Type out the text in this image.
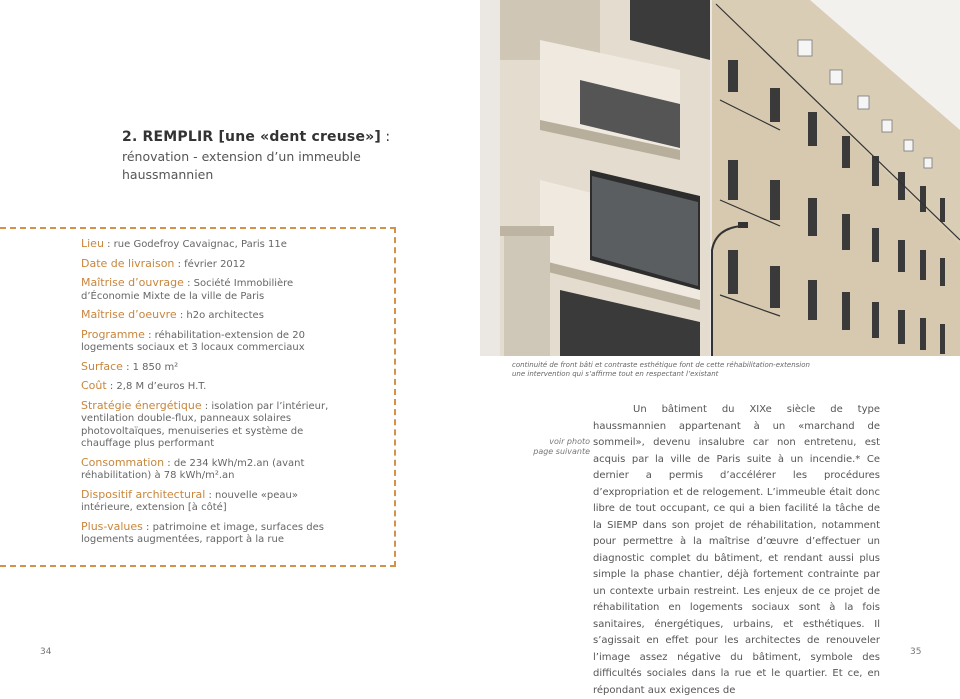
2. REMPLIR [une «dent creuse»] :
rénovation - extension d’un immeuble haussmannien
Lieu : rue Godefroy Cavaignac, Paris 11e
Date de livraison : février 2012
Maîtrise d’ouvrage : Société Immobilière d’Économie Mixte de la ville de Paris
Maîtrise d’oeuvre : h2o architectes
Programme : réhabilitation-extension de 20 logements sociaux et 3 locaux commerciaux
Surface : 1 850 m²
Coût : 2,8 M d’euros H.T.
Stratégie énergétique : isolation par l’intérieur, ventilation double-flux, panneaux solaires photovoltaïques, menuiseries et système de chauffage plus performant
Consommation : de 234 kWh/m2.an (avant réhabilitation) à 78 kWh/m².an
Dispositif architectural : nouvelle «peau» intérieure, extension [à côté]
Plus-values : patrimoine et image, surfaces des logements augmentées, rapport à la rue
34
continuité de front bâti et contraste esthétique font de cette réhabilitation-extension une intervention qui s’affirme tout en respectant l’existant
voir photo page suivante
Un bâtiment du XIXe siècle de type haussmannien appartenant à un «marchand de sommeil», devenu insalubre car non entretenu, est acquis par la ville de Paris suite à un incendie.* Ce dernier a permis d’accélérer les procédures d’expropriation et de relogement. L’immeuble était donc libre de tout occupant, ce qui a bien facilité la tâche de la SIEMP dans son projet de réhabilitation, notamment pour permettre à la maîtrise d’œuvre d’effectuer un diagnostic complet du bâtiment, et rendant aussi plus simple la phase chantier, déjà fortement contrainte par un contexte urbain restreint. Les enjeux de ce projet de réhabilitation en logements sociaux sont à la fois sanitaires, énergétiques, urbains, et esthétiques. Il s’agissait en effet pour les architectes de renouveler l’image assez négative du bâtiment, symbole des difficultés sociales dans la rue et le quartier. Et ce, en répondant aux exigences de
35
